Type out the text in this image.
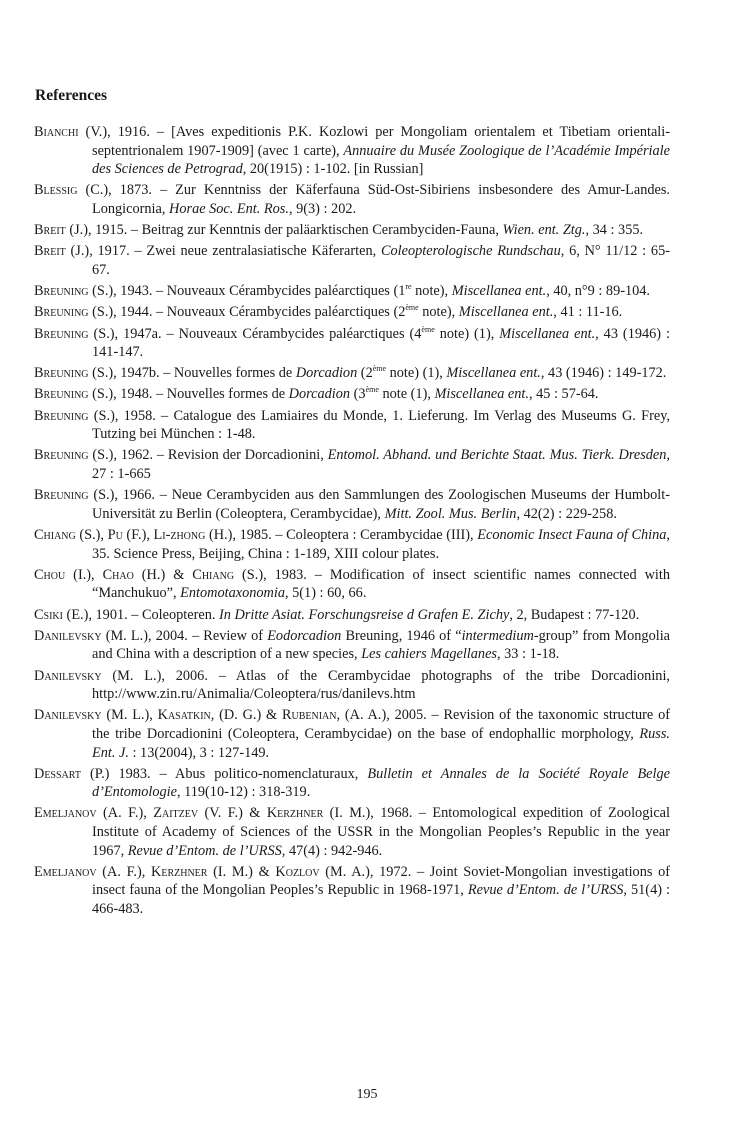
References

Bianchi (V.), 1916. – [Aves expeditionis P.K. Kozlowi per Mongoliam orientalem et Tibetiam orientali-septentrionalem 1907-1909] (avec 1 carte), Annuaire du Musée Zoologique de l’Académie Impériale des Sciences de Petrograd, 20(1915) : 1-102. [in Russian]

Blessig (C.), 1873. – Zur Kenntniss der Käferfauna Süd-Ost-Sibiriens insbesondere des Amur-Landes. Longicornia, Horae Soc. Ent. Ros., 9(3) : 202.

Breit (J.), 1915. – Beitrag zur Kenntnis der paläarktischen Cerambyciden-Fauna, Wien. ent. Ztg., 34 : 355.

Breit (J.), 1917. – Zwei neue zentralasiatische Käferarten, Coleopterologische Rundschau, 6, N° 11/12 : 65-67.

Breuning (S.), 1943. – Nouveaux Cérambycides paléarctiques (1re note), Miscellanea ent., 40, n°9 : 89-104.

Breuning (S.), 1944. – Nouveaux Cérambycides paléarctiques (2ème note), Miscellanea ent., 41 : 11-16.

Breuning (S.), 1947a. – Nouveaux Cérambycides paléarctiques (4ème note) (1), Miscellanea ent., 43 (1946) : 141-147.

Breuning (S.), 1947b. – Nouvelles formes de Dorcadion (2ème note) (1), Miscellanea ent., 43 (1946) : 149-172.

Breuning (S.), 1948. – Nouvelles formes de Dorcadion (3ème note (1), Miscellanea ent., 45 : 57-64.

Breuning (S.), 1958. – Catalogue des Lamiaires du Monde, 1. Lieferung. Im Verlag des Museums G. Frey, Tutzing bei München : 1-48.

Breuning (S.), 1962. – Revision der Dorcadionini, Entomol. Abhand. und Berichte Staat. Mus. Tierk. Dresden, 27 : 1-665

Breuning (S.), 1966. – Neue Cerambyciden aus den Sammlungen des Zoologischen Museums der Humbolt-Universität zu Berlin (Coleoptera, Cerambycidae), Mitt. Zool. Mus. Berlin, 42(2) : 229-258.

Chiang (S.), Pu (F.), Li-zhong (H.), 1985. – Coleoptera : Cerambycidae (III), Economic Insect Fauna of China, 35. Science Press, Beijing, China : 1-189, XIII colour plates.

Chou (I.), Chao (H.) & Chiang (S.), 1983. – Modification of insect scientific names connected with “Manchukuo”, Entomotaxonomia, 5(1) : 60, 66.

Csiki (E.), 1901. – Coleopteren. In Dritte Asiat. Forschungsreise d Grafen E. Zichy, 2, Budapest : 77-120.

Danilevsky (M. L.), 2004. – Review of Eodorcadion Breuning, 1946 of “intermedium-group” from Mongolia and China with a description of a new species, Les cahiers Magellanes, 33 : 1-18.

Danilevsky (M. L.), 2006. – Atlas of the Cerambycidae photographs of the tribe Dorcadionini, http://www.zin.ru/Animalia/Coleoptera/rus/danilevs.htm

Danilevsky (M. L.), Kasatkin, (D. G.) & Rubenian, (A. A.), 2005. – Revision of the taxonomic structure of the tribe Dorcadionini (Coleoptera, Cerambycidae) on the base of endophallic morphology, Russ. Ent. J. : 13(2004), 3 : 127-149.

Dessart (P.) 1983. – Abus politico-nomenclaturaux, Bulletin et Annales de la Société Royale Belge d’Entomologie, 119(10-12) : 318-319.

Emeljanov (A. F.), Zaitzev (V. F.) & Kerzhner (I. M.), 1968. – Entomological expedition of Zoological Institute of Academy of Sciences of the USSR in the Mongolian Peoples’s Republic in the year 1967, Revue d’Entom. de l’URSS, 47(4) : 942-946.

Emeljanov (A. F.), Kerzhner (I. M.) & Kozlov (M. A.), 1972. – Joint Soviet-Mongolian investigations of insect fauna of the Mongolian Peoples’s Republic in 1968-1971, Revue d’Entom. de l’URSS, 51(4) : 466-483.

195
